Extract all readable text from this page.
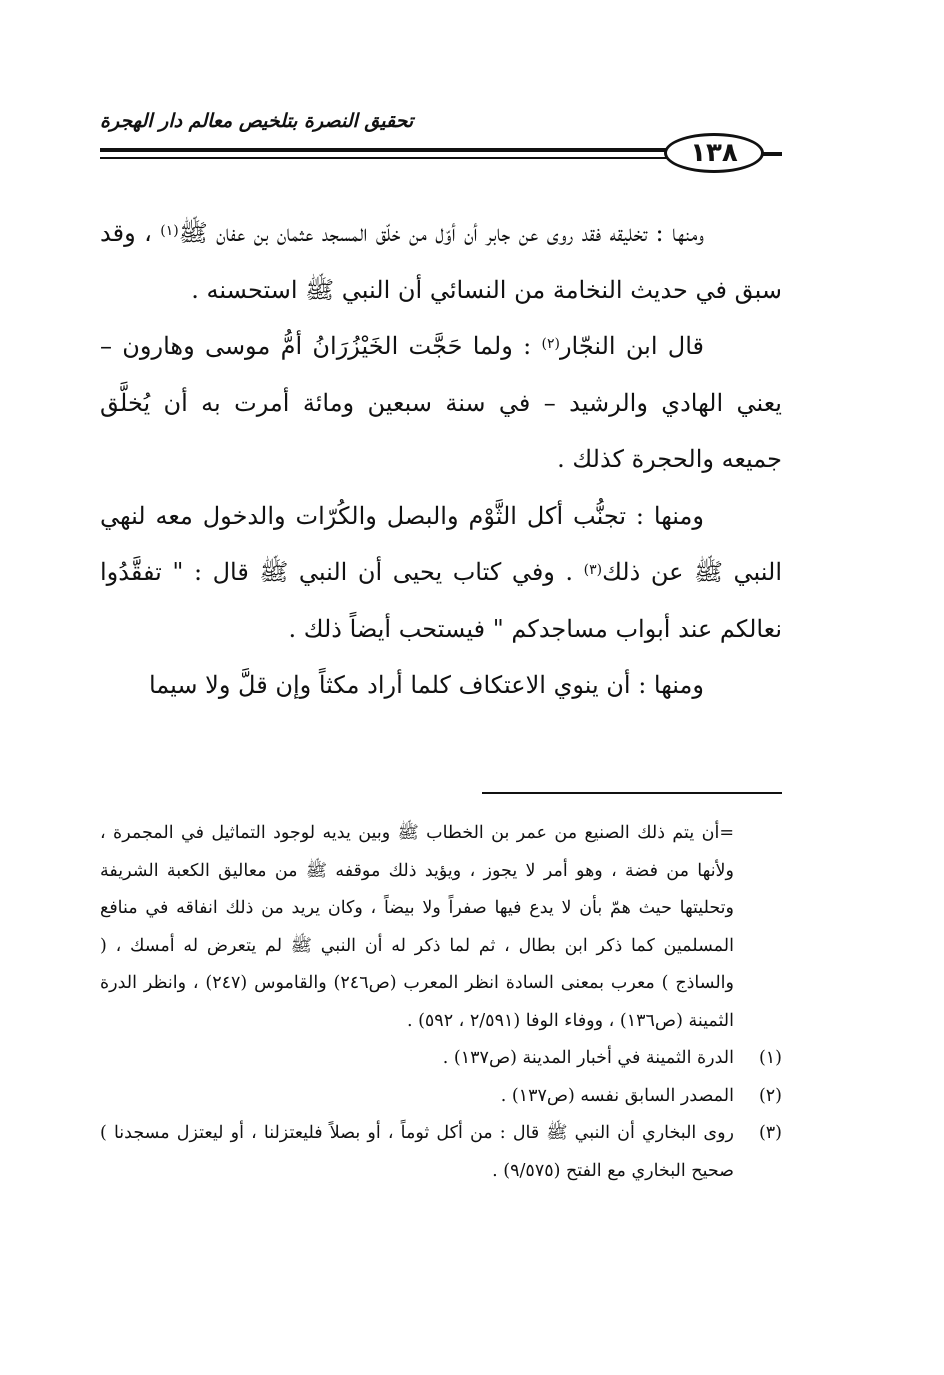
تحقيق النصرة بتلخيص معالم دار الهجرة
١٣٨

ومنها : تخليقه فقد روى عن جابر أن أوّل من خلّق المسجد عثمان بن عفان ﷺ$^{(١)}$ ، وقد سبق في حديث النخامة من النسائي أن النبي ﷺ استحسنه .

قال ابن النجّار$^{(٢)}$ : ولما حَجَّت الخَيْزُرَانُ أمُّ موسى وهارون – يعني الهادي والرشيد – في سنة سبعين ومائة أمرت به أن يُخلَّق جميعه والحجرة كذلك .

ومنها : تجنُّب أكل الثَّوْم والبصل والكُرّات والدخول معه لنهي النبي ﷺ عن ذلك$^{(٣)}$ . وفي كتاب يحيى أن النبي ﷺ قال : " تفقَّدُوا نعالكم عند أبواب مساجدكم " فيستحب أيضاً ذلك .

ومنها : أن ينوي الاعتكاف كلما أراد مكثاً وإن قلَّ ولا سيما

=أن يتم ذلك الصنيع من عمر بن الخطاب ﷺ وبين يديه لوجود التماثيل في المجمرة ، ولأنها من فضة ، وهو أمر لا يجوز ، ويؤيد ذلك موقفه ﷺ من معاليق الكعبة الشريفة وتحليتها حيث همّ بأن لا يدع فيها صفراً ولا بيضاً ، وكان يريد من ذلك انفاقه في منافع المسلمين كما ذكر ابن بطال ، ثم لما ذكر له أن النبي ﷺ لم يتعرض له أمسك ، ( والساذج ) معرب بمعنى السادة انظر المعرب (ص٢٤٦) والقاموس (٢٤٧) ، وانظر الدرة الثمينة (ص١٣٦) ، ووفاء الوفا (٢/٥٩١ ، ٥٩٢) .

(١)
الدرة الثمينة في أخبار المدينة (ص١٣٧) .

(٢)
المصدر السابق نفسه (ص١٣٧) .

(٣)
روى البخاري أن النبي ﷺ قال : من أكل ثوماً ، أو بصلاً فليعتزلنا ، أو ليعتزل مسجدنا ) صحيح البخاري مع الفتح (٩/٥٧٥) .
